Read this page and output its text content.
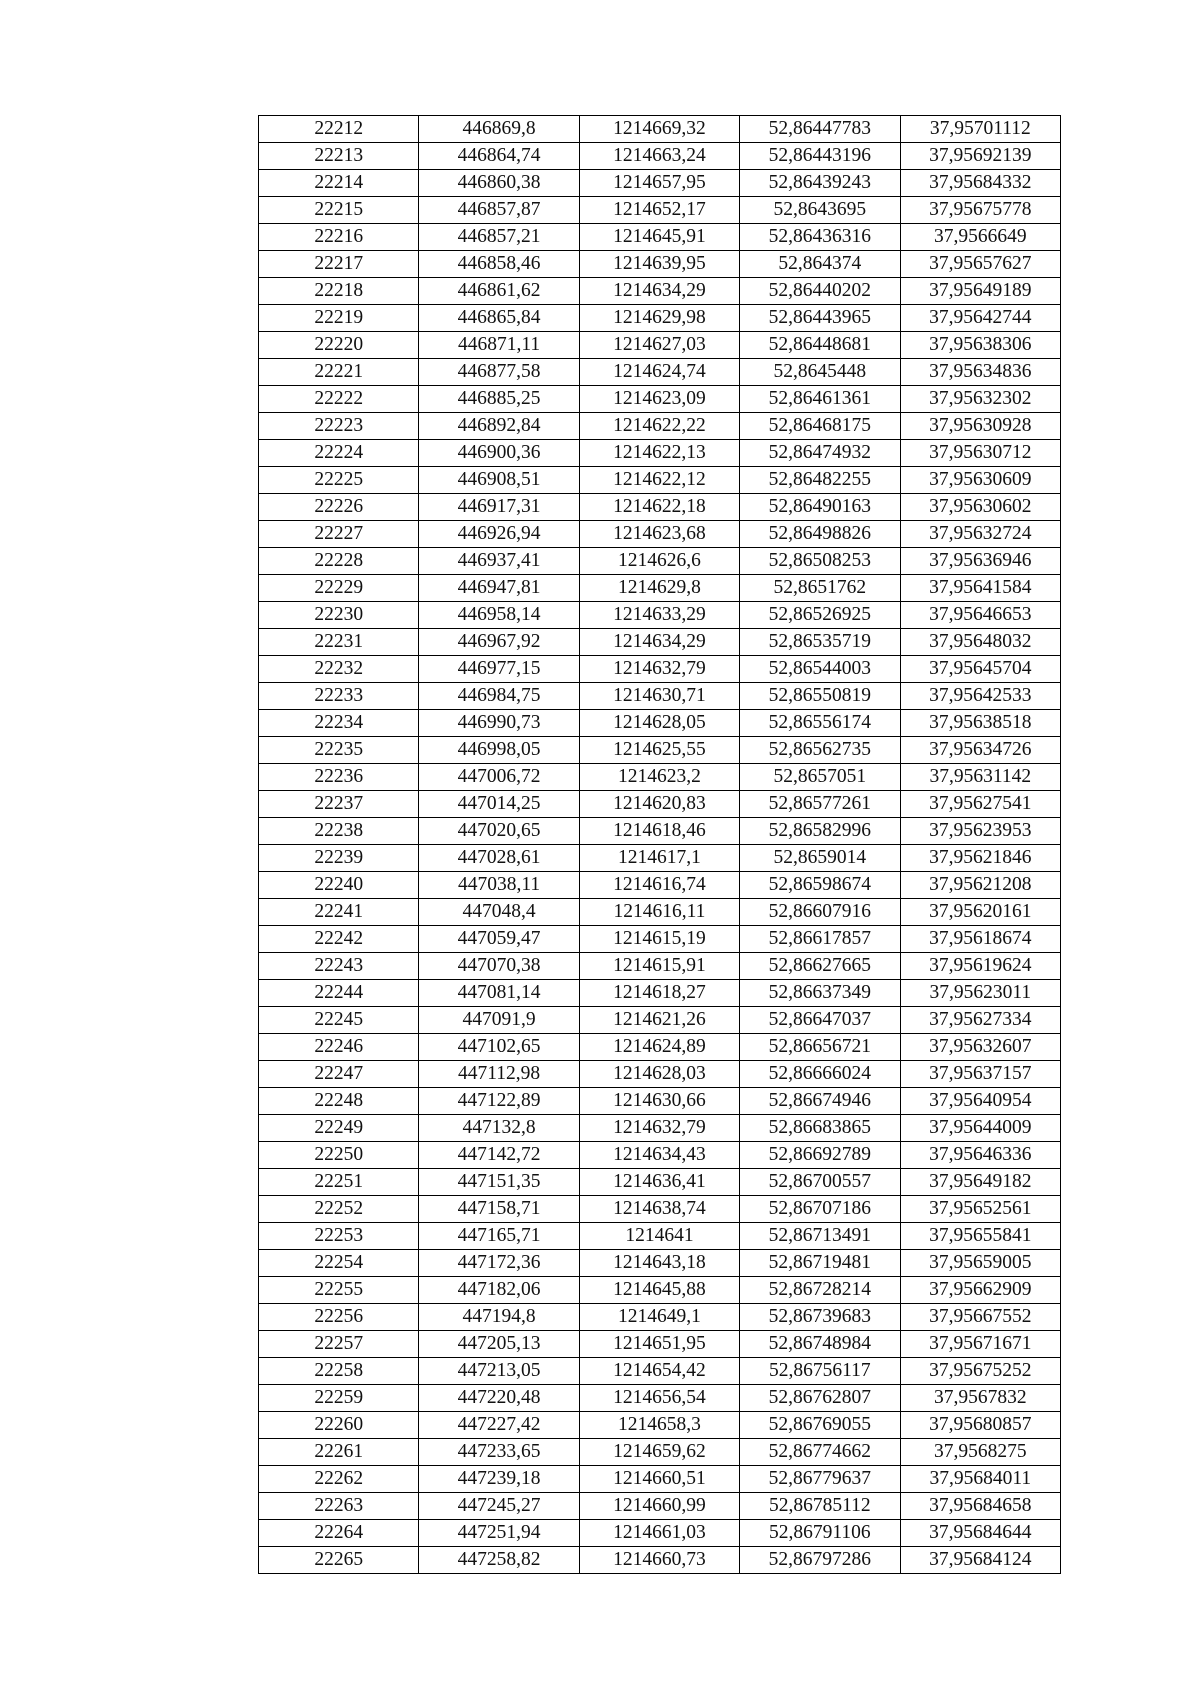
22212	446869,8	1214669,32	52,86447783	37,95701112
22213	446864,74	1214663,24	52,86443196	37,95692139
22214	446860,38	1214657,95	52,86439243	37,95684332
22215	446857,87	1214652,17	52,8643695	37,95675778
22216	446857,21	1214645,91	52,86436316	37,9566649
22217	446858,46	1214639,95	52,864374	37,95657627
22218	446861,62	1214634,29	52,86440202	37,95649189
22219	446865,84	1214629,98	52,86443965	37,95642744
22220	446871,11	1214627,03	52,86448681	37,95638306
22221	446877,58	1214624,74	52,8645448	37,95634836
22222	446885,25	1214623,09	52,86461361	37,95632302
22223	446892,84	1214622,22	52,86468175	37,95630928
22224	446900,36	1214622,13	52,86474932	37,95630712
22225	446908,51	1214622,12	52,86482255	37,95630609
22226	446917,31	1214622,18	52,86490163	37,95630602
22227	446926,94	1214623,68	52,86498826	37,95632724
22228	446937,41	1214626,6	52,86508253	37,95636946
22229	446947,81	1214629,8	52,8651762	37,95641584
22230	446958,14	1214633,29	52,86526925	37,95646653
22231	446967,92	1214634,29	52,86535719	37,95648032
22232	446977,15	1214632,79	52,86544003	37,95645704
22233	446984,75	1214630,71	52,86550819	37,95642533
22234	446990,73	1214628,05	52,86556174	37,95638518
22235	446998,05	1214625,55	52,86562735	37,95634726
22236	447006,72	1214623,2	52,8657051	37,95631142
22237	447014,25	1214620,83	52,86577261	37,95627541
22238	447020,65	1214618,46	52,86582996	37,95623953
22239	447028,61	1214617,1	52,8659014	37,95621846
22240	447038,11	1214616,74	52,86598674	37,95621208
22241	447048,4	1214616,11	52,86607916	37,95620161
22242	447059,47	1214615,19	52,86617857	37,95618674
22243	447070,38	1214615,91	52,86627665	37,95619624
22244	447081,14	1214618,27	52,86637349	37,95623011
22245	447091,9	1214621,26	52,86647037	37,95627334
22246	447102,65	1214624,89	52,86656721	37,95632607
22247	447112,98	1214628,03	52,86666024	37,95637157
22248	447122,89	1214630,66	52,86674946	37,95640954
22249	447132,8	1214632,79	52,86683865	37,95644009
22250	447142,72	1214634,43	52,86692789	37,95646336
22251	447151,35	1214636,41	52,86700557	37,95649182
22252	447158,71	1214638,74	52,86707186	37,95652561
22253	447165,71	1214641	52,86713491	37,95655841
22254	447172,36	1214643,18	52,86719481	37,95659005
22255	447182,06	1214645,88	52,86728214	37,95662909
22256	447194,8	1214649,1	52,86739683	37,95667552
22257	447205,13	1214651,95	52,86748984	37,95671671
22258	447213,05	1214654,42	52,86756117	37,95675252
22259	447220,48	1214656,54	52,86762807	37,9567832
22260	447227,42	1214658,3	52,86769055	37,95680857
22261	447233,65	1214659,62	52,86774662	37,9568275
22262	447239,18	1214660,51	52,86779637	37,95684011
22263	447245,27	1214660,99	52,86785112	37,95684658
22264	447251,94	1214661,03	52,86791106	37,95684644
22265	447258,82	1214660,73	52,86797286	37,95684124
